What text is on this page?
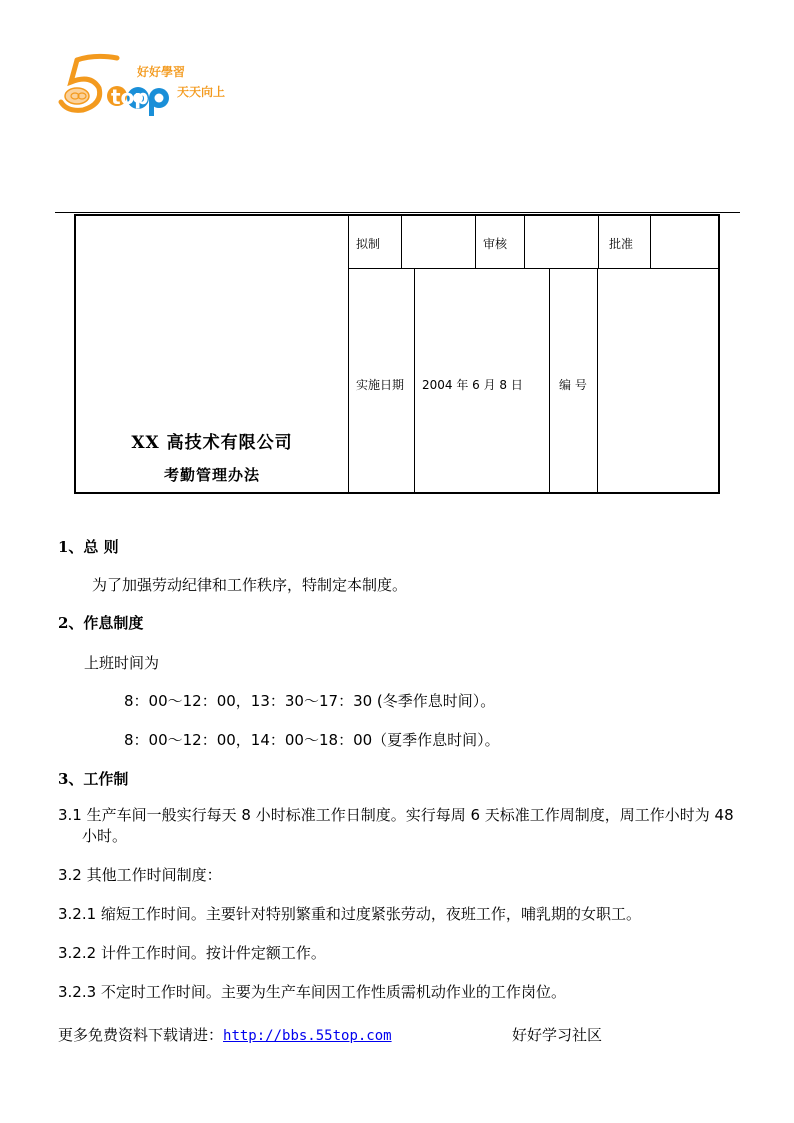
top
好好學習
天天向上
XX 高技术有限公司
考勤管理办法
拟制	审核	批准
实施日期 2004 年 6 月 8 日	编 号
1、总 则
为了加强劳动纪律和工作秩序，特制定本制度。
2、作息制度
上班时间为
8：00～12：00，13：30～17：30 (冬季作息时间）。
8：00～12：00，14：00～18：00（夏季作息时间）。
3、工作制
3.1 生产车间一般实行每天 8 小时标准工作日制度。实行每周 6 天标准工作周制度，周工作小时为 48 小时。
3.2 其他工作时间制度：
3.2.1 缩短工作时间。主要针对特别繁重和过度紧张劳动，夜班工作，哺乳期的女职工。
3.2.2 计件工作时间。按计件定额工作。
3.2.3 不定时工作时间。主要为生产车间因工作性质需机动作业的工作岗位。
更多免费资料下载请进：http://bbs.55top.com	好好学习社区
